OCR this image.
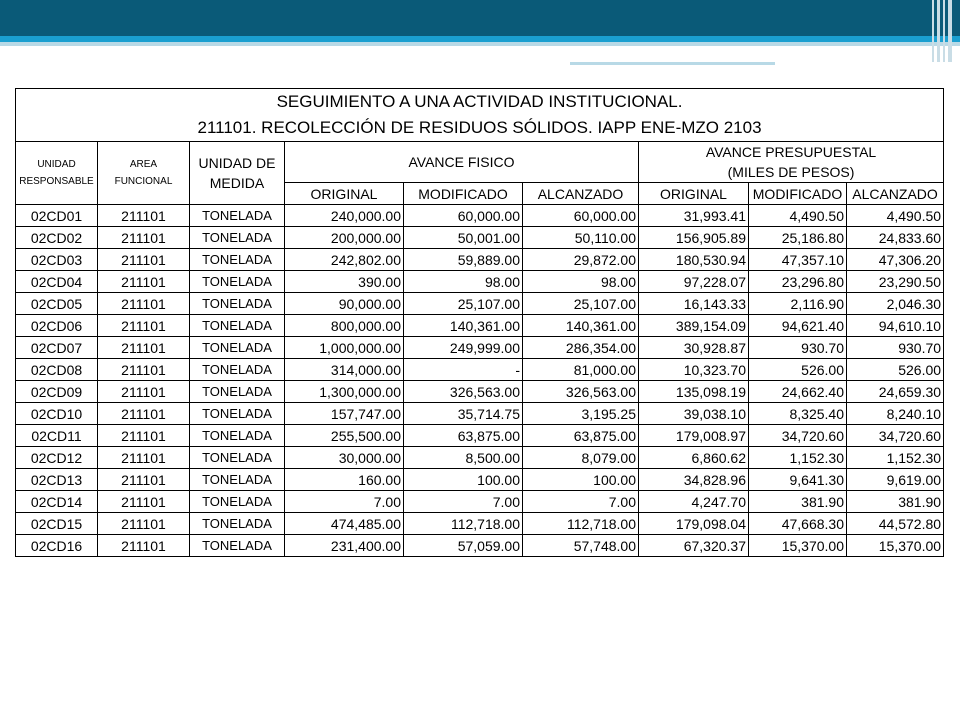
SEGUIMIENTO A UNA ACTIVIDAD INSTITUCIONAL.
211101. RECOLECCIÓN DE RESIDUOS SÓLIDOS. IAPP ENE-MZO 2103								

UNIDAD RESPONSABLE	AREA FUNCIONAL	UNIDAD DE MEDIDA	AVANCE FISICO			AVANCE PRESUPUESTAL
(MILES DE PESOS)		

			ORIGINAL	MODIFICADO	ALCANZADO	ORIGINAL	MODIFICADO	ALCANZADO
02CD01	211101	TONELADA	240,000.00	60,000.00	60,000.00	31,993.41	4,490.50	4,490.50
02CD02	211101	TONELADA	200,000.00	50,001.00	50,110.00	156,905.89	25,186.80	24,833.60
02CD03	211101	TONELADA	242,802.00	59,889.00	29,872.00	180,530.94	47,357.10	47,306.20
02CD04	211101	TONELADA	390.00	98.00	98.00	97,228.07	23,296.80	23,290.50
02CD05	211101	TONELADA	90,000.00	25,107.00	25,107.00	16,143.33	2,116.90	2,046.30
02CD06	211101	TONELADA	800,000.00	140,361.00	140,361.00	389,154.09	94,621.40	94,610.10
02CD07	211101	TONELADA	1,000,000.00	249,999.00	286,354.00	30,928.87	930.70	930.70
02CD08	211101	TONELADA	314,000.00	-	81,000.00	10,323.70	526.00	526.00
02CD09	211101	TONELADA	1,300,000.00	326,563.00	326,563.00	135,098.19	24,662.40	24,659.30
02CD10	211101	TONELADA	157,747.00	35,714.75	3,195.25	39,038.10	8,325.40	8,240.10
02CD11	211101	TONELADA	255,500.00	63,875.00	63,875.00	179,008.97	34,720.60	34,720.60
02CD12	211101	TONELADA	30,000.00	8,500.00	8,079.00	6,860.62	1,152.30	1,152.30
02CD13	211101	TONELADA	160.00	100.00	100.00	34,828.96	9,641.30	9,619.00
02CD14	211101	TONELADA	7.00	7.00	7.00	4,247.70	381.90	381.90
02CD15	211101	TONELADA	474,485.00	112,718.00	112,718.00	179,098.04	47,668.30	44,572.80
02CD16	211101	TONELADA	231,400.00	57,059.00	57,748.00	67,320.37	15,370.00	15,370.00
